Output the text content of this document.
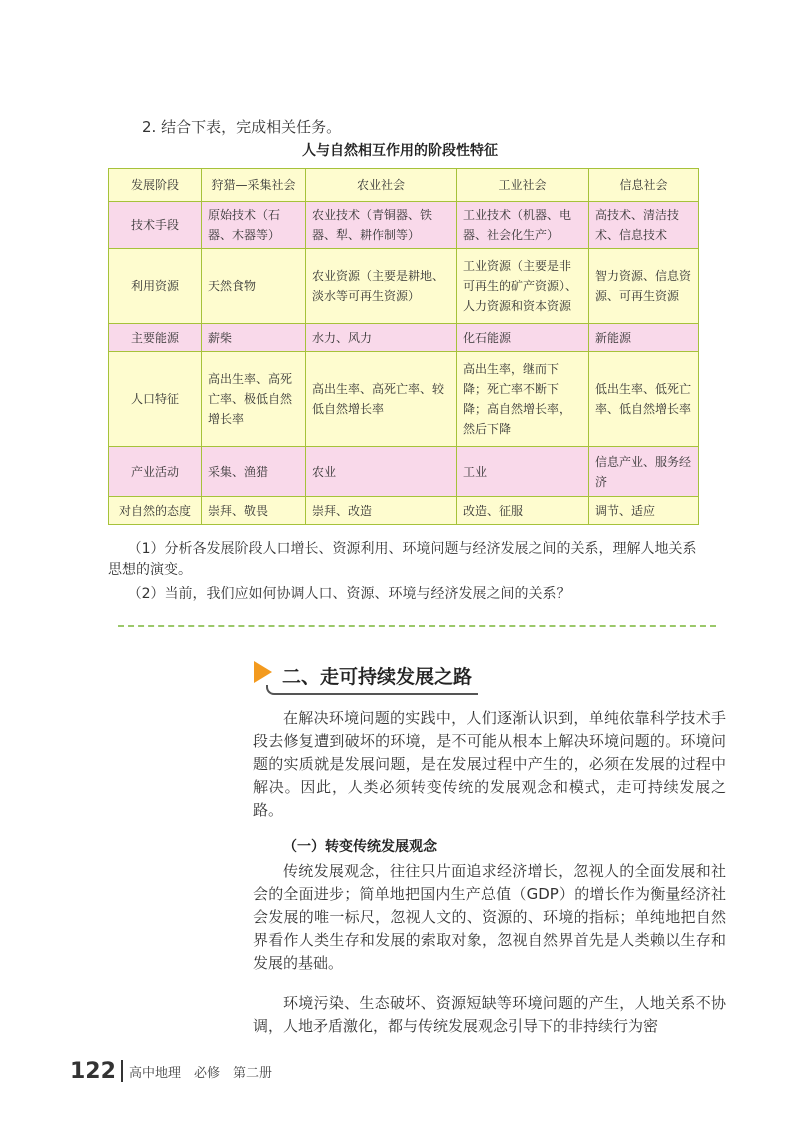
2. 结合下表，完成相关任务。
人与自然相互作用的阶段性特征
发展阶段	狩猎—采集社会	农业社会	工业社会	信息社会
技术手段	原始技术（石器、木器等）	农业技术（青铜器、铁器、犁、耕作制等）	工业技术（机器、电器、社会化生产）	高技术、清洁技术、信息技术
利用资源	天然食物	农业资源（主要是耕地、淡水等可再生资源）	工业资源（主要是非可再生的矿产资源）、人力资源和资本资源	智力资源、信息资源、可再生资源
主要能源	薪柴	水力、风力	化石能源	新能源
人口特征	高出生率、高死亡率、极低自然增长率	高出生率、高死亡率、较低自然增长率	高出生率，继而下降；死亡率不断下降；高自然增长率，然后下降	低出生率、低死亡率、低自然增长率
产业活动	采集、渔猎	农业	工业	信息产业、服务经济
对自然的态度	崇拜、敬畏	崇拜、改造	改造、征服	调节、适应
（1）分析各发展阶段人口增长、资源利用、环境问题与经济发展之间的关系，理解人地关系思想的演变。
（2）当前，我们应如何协调人口、资源、环境与经济发展之间的关系？
二、走可持续发展之路

在解决环境问题的实践中，人们逐渐认识到，单纯依靠科学技术手段去修复遭到破坏的环境，是不可能从根本上解决环境问题的。环境问题的实质就是发展问题，是在发展过程中产生的，必须在发展的过程中解决。因此，人类必须转变传统的发展观念和模式，走可持续发展之路。

（一）转变传统发展观念

传统发展观念，往往只片面追求经济增长，忽视人的全面发展和社会的全面进步；简单地把国内生产总值（GDP）的增长作为衡量经济社会发展的唯一标尺，忽视人文的、资源的、环境的指标；单纯地把自然界看作人类生存和发展的索取对象，忽视自然界首先是人类赖以生存和发展的基础。

环境污染、生态破坏、资源短缺等环境问题的产生，人地关系不协调，人地矛盾激化，都与传统发展观念引导下的非持续行为密

122 高中地理　必修　第二册
